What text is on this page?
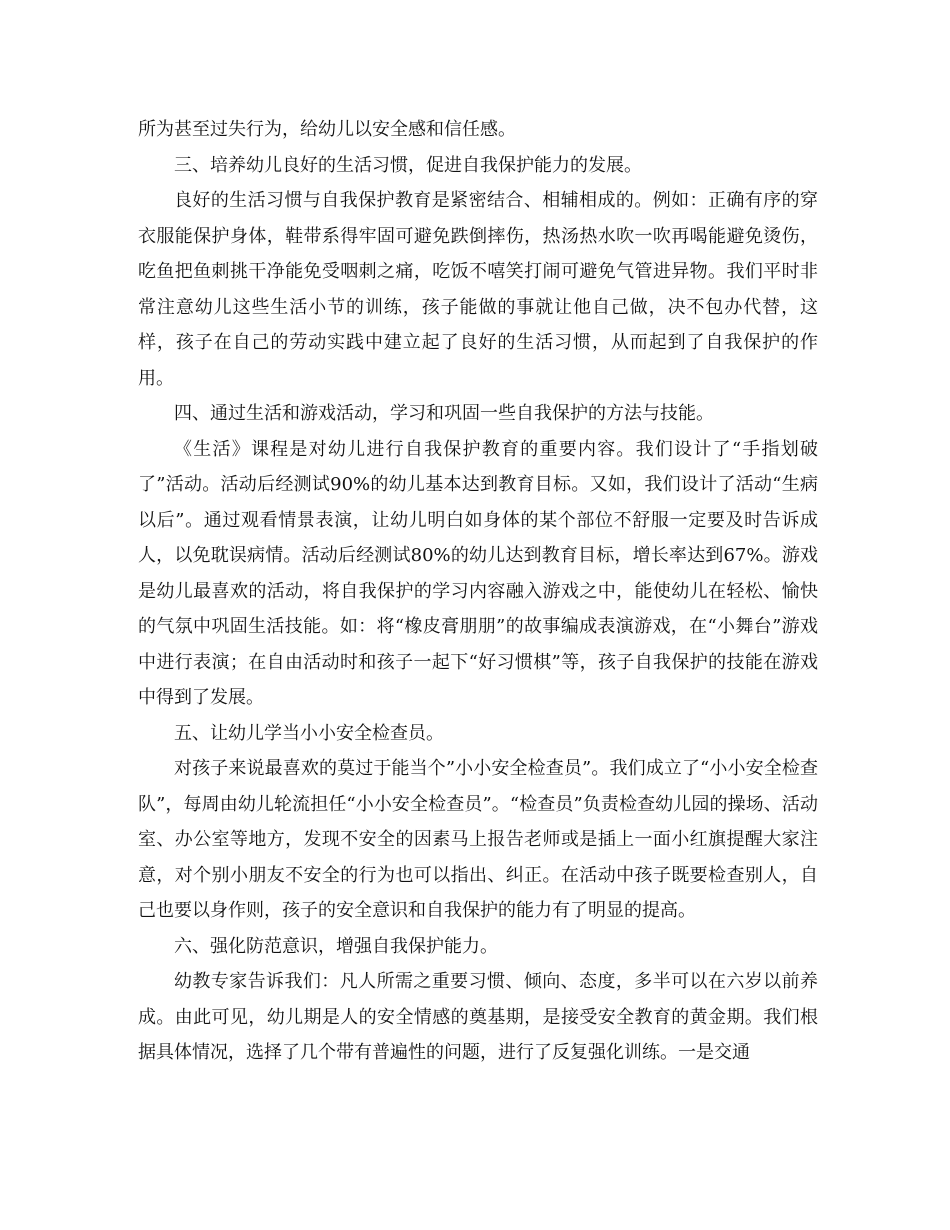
所为甚至过失行为，给幼儿以安全感和信任感。

三、培养幼儿良好的生活习惯，促进自我保护能力的发展。

良好的生活习惯与自我保护教育是紧密结合、相辅相成的。例如：正确有序的穿衣服能保护身体，鞋带系得牢固可避免跌倒摔伤，热汤热水吹一吹再喝能避免烫伤，吃鱼把鱼刺挑干净能免受咽刺之痛，吃饭不嘻笑打闹可避免气管进异物。我们平时非常注意幼儿这些生活小节的训练，孩子能做的事就让他自己做，决不包办代替，这样，孩子在自己的劳动实践中建立起了良好的生活习惯，从而起到了自我保护的作用。

四、通过生活和游戏活动，学习和巩固一些自我保护的方法与技能。

《生活》课程是对幼儿进行自我保护教育的重要内容。我们设计了“手指划破了”活动。活动后经测试90%的幼儿基本达到教育目标。又如，我们设计了活动“生病以后”。通过观看情景表演，让幼儿明白如身体的某个部位不舒服一定要及时告诉成人，以免耽误病情。活动后经测试80%的幼儿达到教育目标，增长率达到67%。游戏是幼儿最喜欢的活动，将自我保护的学习内容融入游戏之中，能使幼儿在轻松、愉快的气氛中巩固生活技能。如：将“橡皮膏朋朋”的故事编成表演游戏，在“小舞台”游戏中进行表演；在自由活动时和孩子一起下“好习惯棋”等，孩子自我保护的技能在游戏中得到了发展。

五、让幼儿学当小小安全检查员。

对孩子来说最喜欢的莫过于能当个”小小安全检查员”。我们成立了“小小安全检查队”，每周由幼儿轮流担任“小小安全检查员”。“检查员”负责检查幼儿园的操场、活动室、办公室等地方，发现不安全的因素马上报告老师或是插上一面小红旗提醒大家注意，对个别小朋友不安全的行为也可以指出、纠正。在活动中孩子既要检查别人，自己也要以身作则，孩子的安全意识和自我保护的能力有了明显的提高。

六、强化防范意识，增强自我保护能力。

幼教专家告诉我们：凡人所需之重要习惯、倾向、态度，多半可以在六岁以前养成。由此可见，幼儿期是人的安全情感的奠基期，是接受安全教育的黄金期。我们根据具体情况，选择了几个带有普遍性的问题，进行了反复强化训练。一是交通
